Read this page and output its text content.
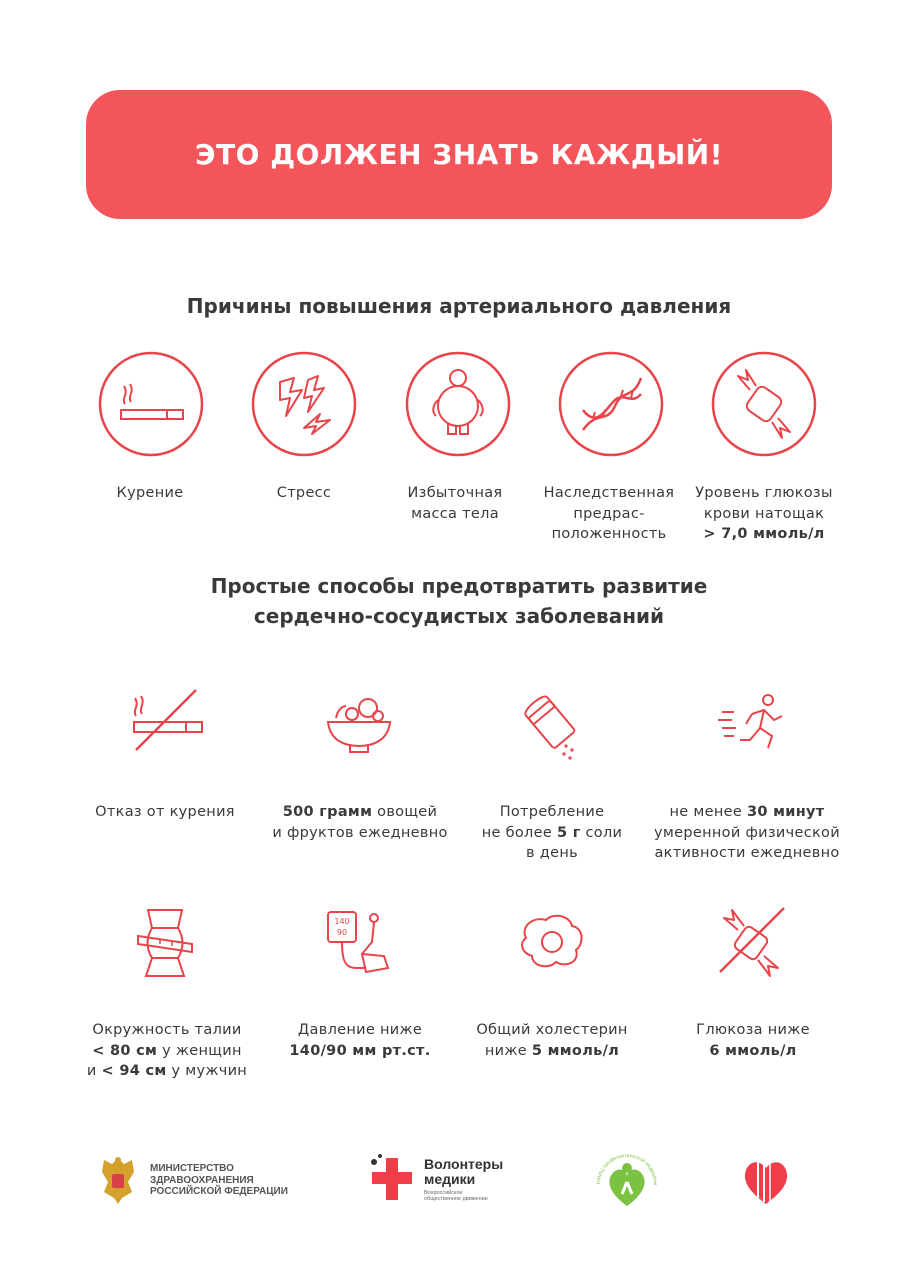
ЭТО ДОЛЖЕН ЗНАТЬ КАЖДЫЙ!
Причины повышения артериального давления
Курение	Стресс	Избыточная
масса тела
Наследственная
предрас-
положенность
Уровень глюкозы
крови натощак
> 7,0 ммоль/л
Простые способы предотвратить развитие
сердечно-сосудистых заболеваний
Отказ от курения	500 грамм овощей
и фруктов ежедневно
Потребление
не более 5 г соли
в день
не менее 30 минут
умеренной физической
активности ежедневно
140
90
Окружность талии
< 80 см у женщин
и < 94 см у мужчин
Давление ниже
140/90 мм рт.ст.
Общий холестерин
ниже 5 ммоль/л
Глюкоза ниже
6 ммоль/л
МИНИСТЕРСТВО
ЗДРАВООХРАНЕНИЯ
РОССИЙСКОЙ ФЕДЕРАЦИИ
Волонтеры
медики
Всероссийское
общественное движение
НМИЦ профилактической медицины
